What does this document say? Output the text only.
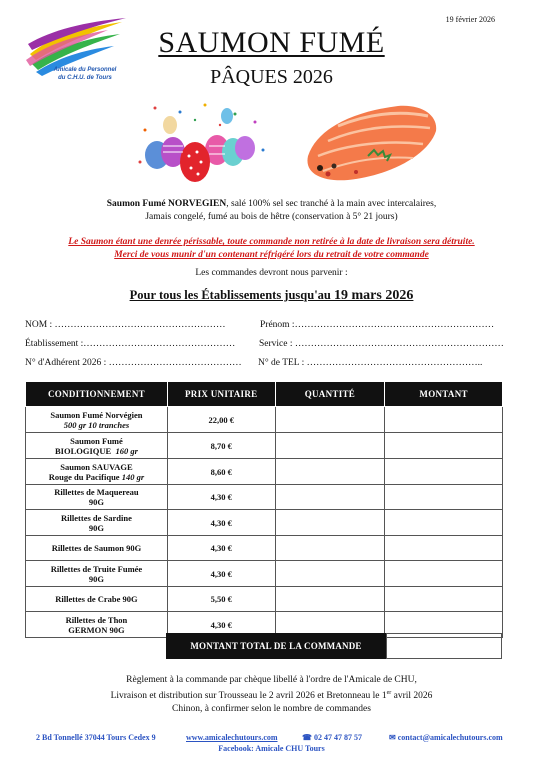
19 février 2026
Amicale du Personnel
du C.H.U. de Tours
SAUMON FUMÉ
PÂQUES 2026
Saumon Fumé NORVEGIEN, salé 100% sel sec tranché à la main avec intercalaires,
Jamais congelé, fumé au bois de hêtre (conservation à 5° 21 jours)
Le Saumon étant une denrée périssable, toute commande non retirée à la date de livraison sera détruite.
Merci de vous munir d'un contenant réfrigéré lors du retrait de votre commande
Les commandes devront nous parvenir :
Pour tous les Établissements jusqu'au 19 mars 2026
NOM : ………………………………………………	Prénom :………………………………………………………
Établissement :………………………………………… Service : …………………………………………………………
N° d'Adhérent 2026 : …………………………………… N° de TEL : ………………………………………………..
CONDITIONNEMENT	PRIX UNITAIRE	QUANTITÉ	MONTANT

Saumon Fumé Norvégien
500 gr 10 tranches	22,00 €		

Saumon Fumé
BIOLOGIQUE 160 gr	8,70 €		

Saumon SAUVAGE
Rouge du Pacifique 140 gr	8,60 €		

Rillettes de Maquereau
90G	4,30 €		

Rillettes de Sardine
90G	4,30 €		

Rillettes de Saumon 90G	4,30 €		

Rillettes de Truite Fumée
90G	4,30 €		

Rillettes de Crabe 90G	5,50 €		

Rillettes de Thon
GERMON 90G	4,30 €		
MONTANT TOTAL DE LA COMMANDE
Règlement à la commande par chèque libellé à l'ordre de l'Amicale de CHU,
Livraison et distribution sur Trousseau le 2 avril 2026 et Bretonneau le 1er avril 2026
Chinon, à confirmer selon le nombre de commandes
2 Bd Tonnellé 37044 Tours Cedex 9	www.amicalechutours.com	☎ 02 47 47 87 57	✉ contact@amicalechutours.com
Facebook: Amicale CHU Tours
